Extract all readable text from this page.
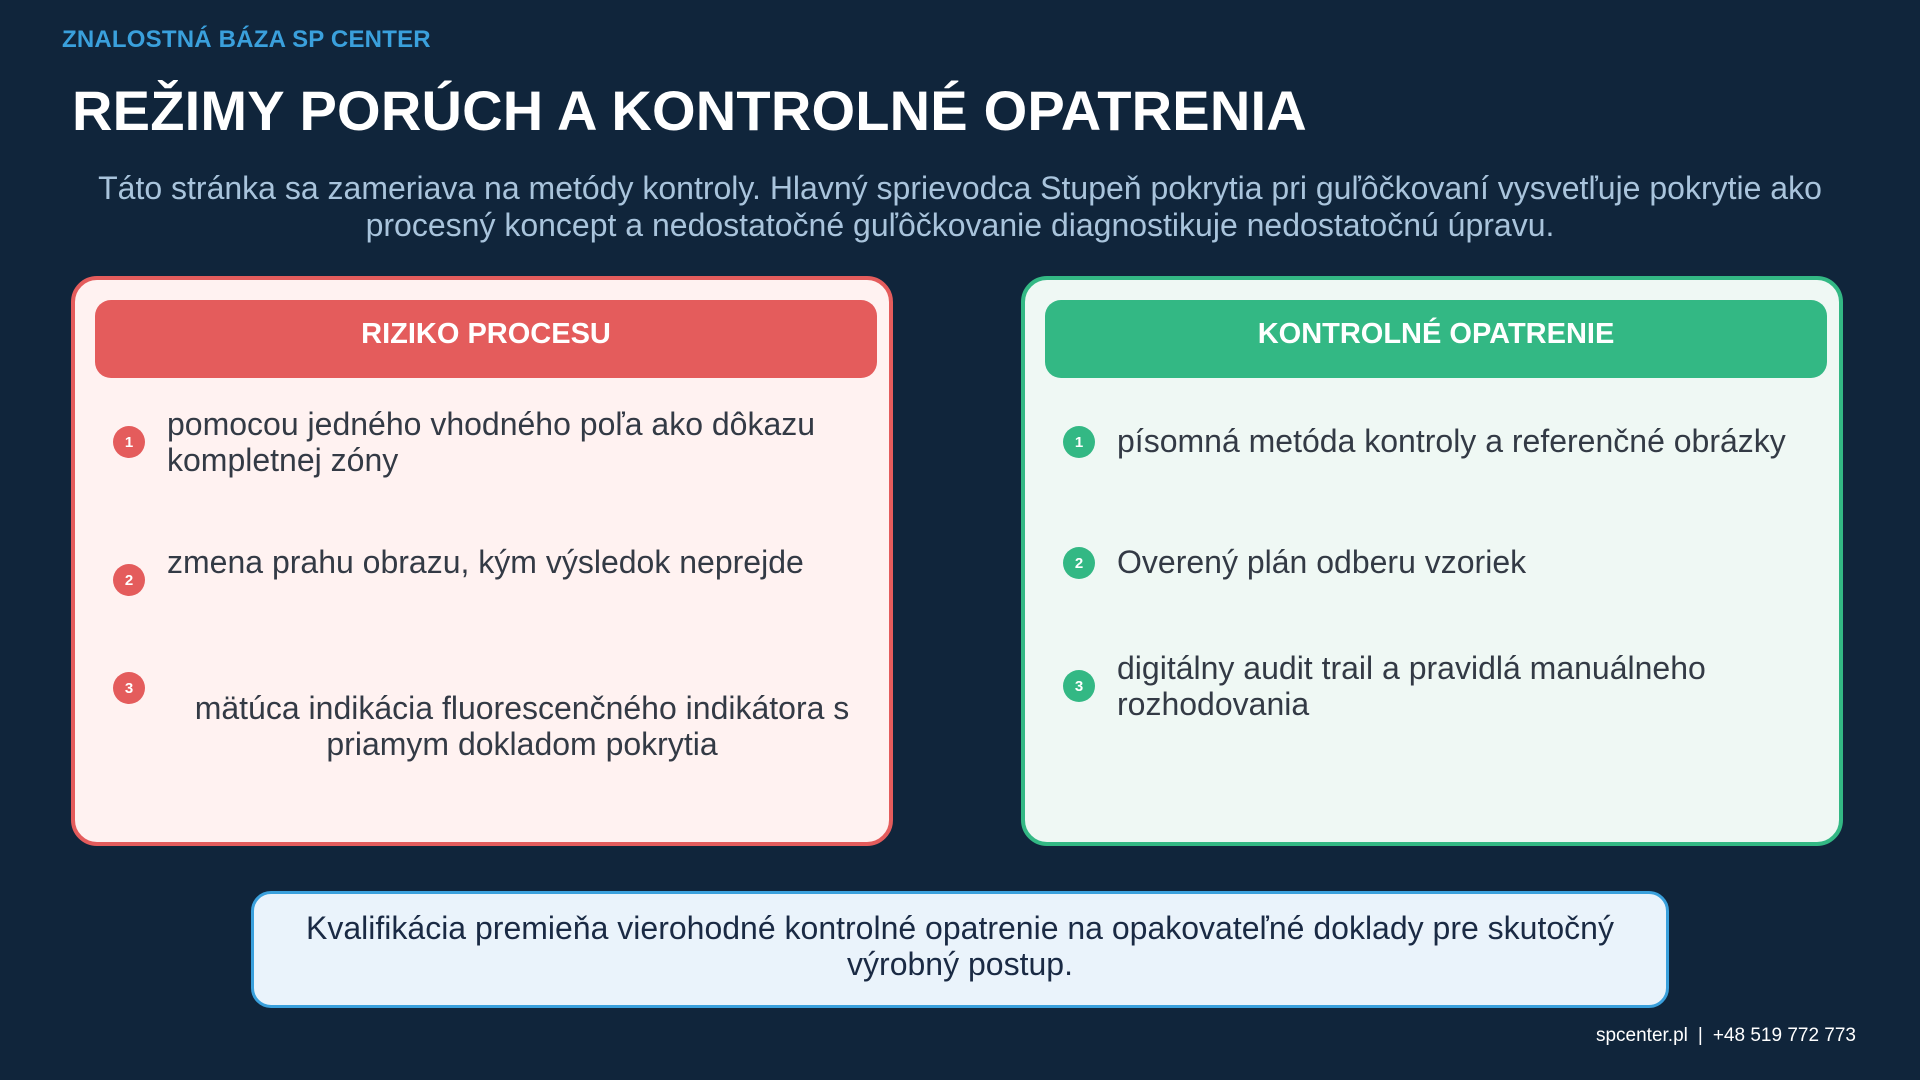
ZNALOSTNÁ BÁZA SP CENTER
REŽIMY PORÚCH A KONTROLNÉ OPATRENIA
Táto stránka sa zameriava na metódy kontroly. Hlavný sprievodca Stupeň pokrytia pri guľôčkovaní vysvetľuje pokrytie ako procesný koncept a nedostatočné guľôčkovanie diagnostikuje nedostatočnú úpravu.
RIZIKO PROCESU
1	pomocou jedného vhodného poľa ako dôkazu kompletnej zóny
2	zmena prahu obrazu, kým výsledok neprejde
3
mätúca indikácia fluorescenčného indikátora s priamym dokladom pokrytia
KONTROLNÉ OPATRENIE
1	písomná metóda kontroly a referenčné obrázky
2	Overený plán odberu vzoriek
3	digitálny audit trail a pravidlá manuálneho rozhodovania
Kvalifikácia premieňa vierohodné kontrolné opatrenie na opakovateľné doklady pre skutočný výrobný postup.
spcenter.pl | +48 519 772 773
